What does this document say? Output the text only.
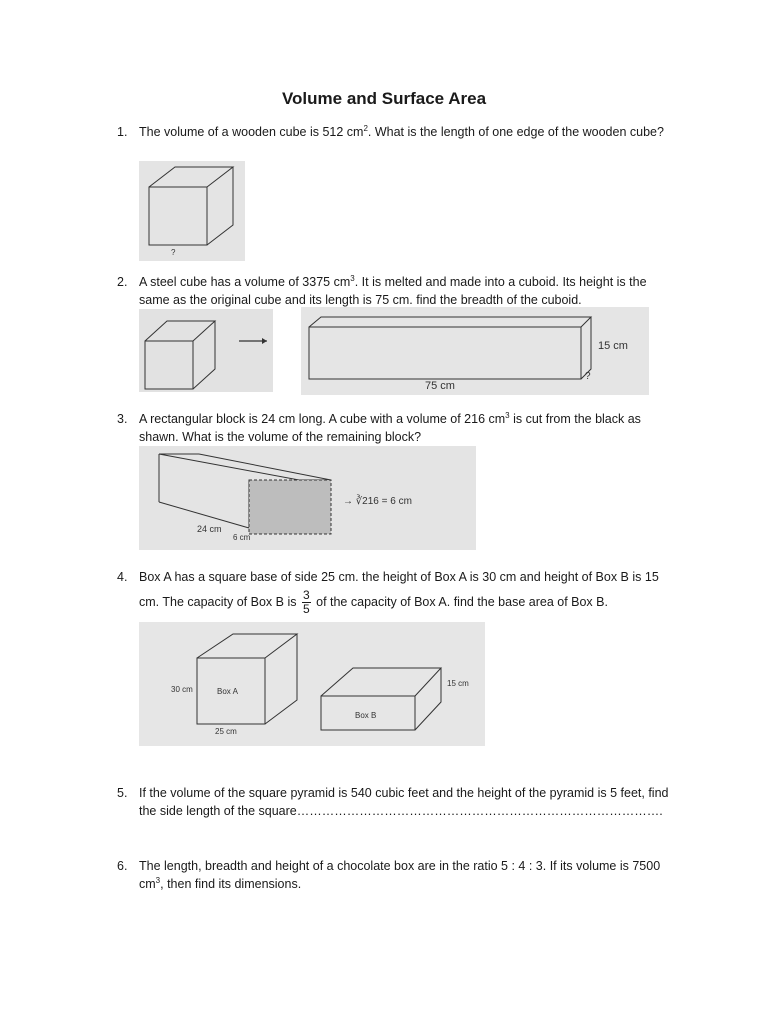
Volume and Surface Area
1. The volume of a wooden cube is 512 $cm^2$. What is the length of one edge of the wooden cube?
?
2. A steel cube has a volume of 3375 $cm^3$. It is melted and made into a cuboid. Its height is the same as the original cube and its length is 75 cm. find the breadth of the cuboid.
15 cm
75 cm
?
3. A rectangular block is 24 cm long. A cube with a volume of 216 $cm^3$ is cut from the black as shawn. What is the volume of the remaining block?
24 cm
6 cm
→ ∛216 = 6 cm
4. Box A has a square base of side 25 cm. the height of Box A is 30 cm and height of Box B is 15
cm. The capacity of Box B is $\frac{3}{5}$ of the capacity of Box A. find the base area of Box B.
30 cm	Box A
25 cm
Box B
15 cm
5. If the volume of the square pyramid is 540 cubic feet and the height of the pyramid is 5 feet, find the side length of the square…………………………………………………………………………….
6. The length, breadth and height of a chocolate box are in the ratio 5 : 4 : 3. If its volume is 7500 $cm^3$, then find its dimensions.
